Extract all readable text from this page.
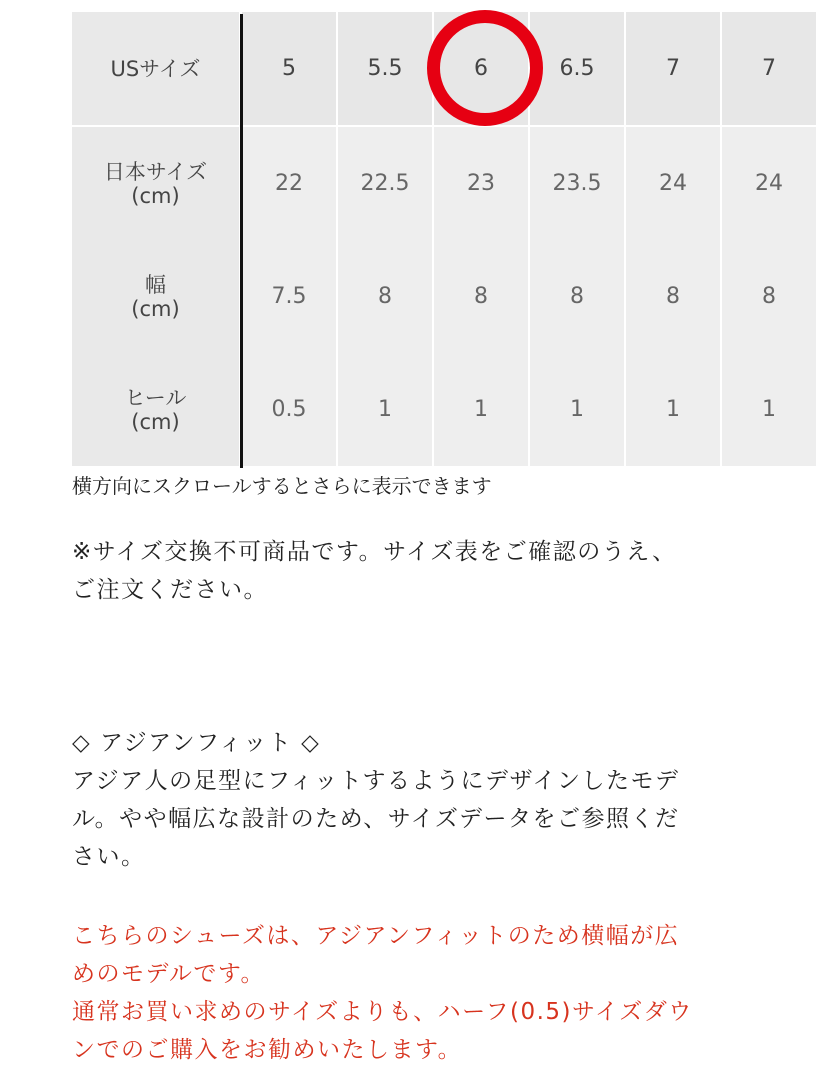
USサイズ	5	5.5	6	6.5	7	7
日本サイズ
(cm)	22	22.5	23	23.5	24	24
幅
(cm)	7.5	8	8	8	8	8
ヒール
(cm)	0.5	1	1	1	1	1
横方向にスクロールするとさらに表示できます
※サイズ交換不可商品です。サイズ表をご確認のうえ、
ご注文ください。
◇ アジアンフィット ◇
アジア人の足型にフィットするようにデザインしたモデ
ル。やや幅広な設計のため、サイズデータをご参照くだ
さい。
こちらのシューズは、アジアンフィットのため横幅が広
めのモデルです。
通常お買い求めのサイズよりも、ハーフ(0.5)サイズダウ
ンでのご購入をお勧めいたします。
